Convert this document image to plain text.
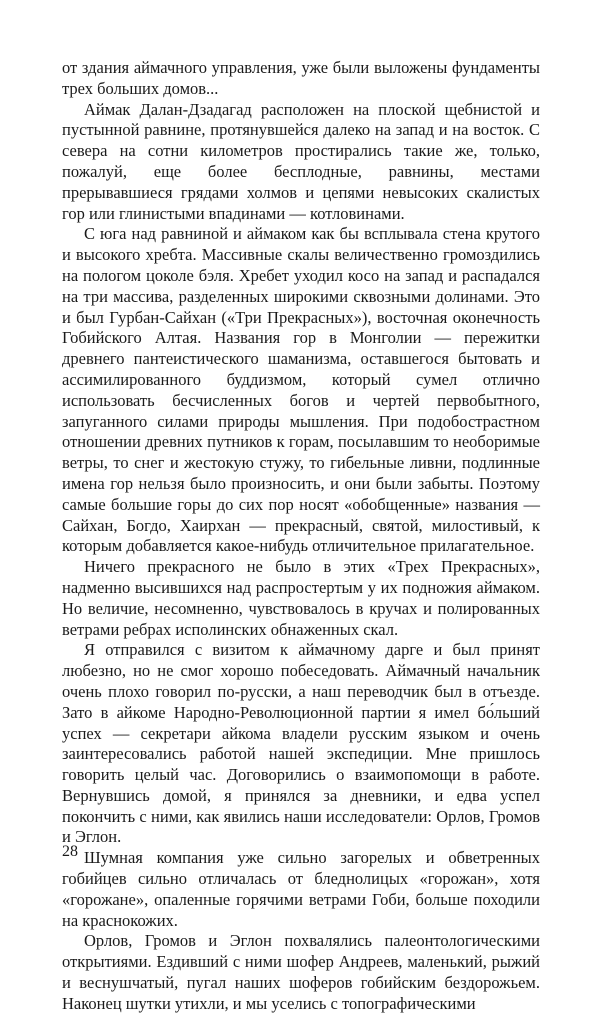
от здания аймачного управления, уже были выложены фундаменты трех больших домов...

Аймак Далан-Дзадагад расположен на плоской щебнистой и пустынной равнине, протянувшейся далеко на запад и на восток. С севера на сотни километров простирались такие же, только, пожалуй, еще более бесплодные, равнины, местами прерывавшиеся грядами холмов и цепями невысоких скалистых гор или глинистыми впадинами — котловинами.

С юга над равниной и аймаком как бы всплывала стена крутого и высокого хребта. Массивные скалы величественно громоздились на пологом цоколе бэля. Хребет уходил косо на запад и распадался на три массива, разделенных широкими сквозными долинами. Это и был Гурбан-Сайхан («Три Прекрасных»), восточная оконечность Гобийского Алтая. Названия гор в Монголии — пережитки древнего пантеистического шаманизма, оставшегося бытовать и ассимилированного буддизмом, который сумел отлично использовать бесчисленных богов и чертей первобытного, запуганного силами природы мышления. При подобострастном отношении древних путников к горам, посылавшим то необоримые ветры, то снег и жестокую стужу, то гибельные ливни, подлинные имена гор нельзя было произносить, и они были забыты. Поэтому самые большие горы до сих пор носят «обобщенные» названия — Сайхан, Богдо, Хаирхан — прекрасный, святой, милостивый, к которым добавляется какое-нибудь отличительное прилагательное.

Ничего прекрасного не было в этих «Трех Прекрасных», надменно высившихся над распростертым у их подножия аймаком. Но величие, несомненно, чувствовалось в кручах и полированных ветрами ребрах исполинских обнаженных скал.

Я отправился с визитом к аймачному дарге и был принят любезно, но не смог хорошо побеседовать. Аймачный начальник очень плохо говорил по-русски, а наш переводчик был в отъезде. Зато в айкоме Народно-Революционной партии я имел бо́льший успех — секретари айкома владели русским языком и очень заинтересовались работой нашей экспедиции. Мне пришлось говорить целый час. Договорились о взаимопомощи в работе. Вернувшись домой, я принялся за дневники, и едва успел покончить с ними, как явились наши исследователи: Орлов, Громов и Эглон.

Шумная компания уже сильно загорелых и обветренных гобийцев сильно отличалась от бледнолицых «горожан», хотя «горожане», опаленные горячими ветрами Гоби, больше походили на краснокожих.

Орлов, Громов и Эглон похвалялись палеонтологическими открытиями. Ездивший с ними шофер Андреев, маленький, рыжий и веснушчатый, пугал наших шоферов гобийским бездорожьем. Наконец шутки утихли, и мы уселись с топографическими

28
